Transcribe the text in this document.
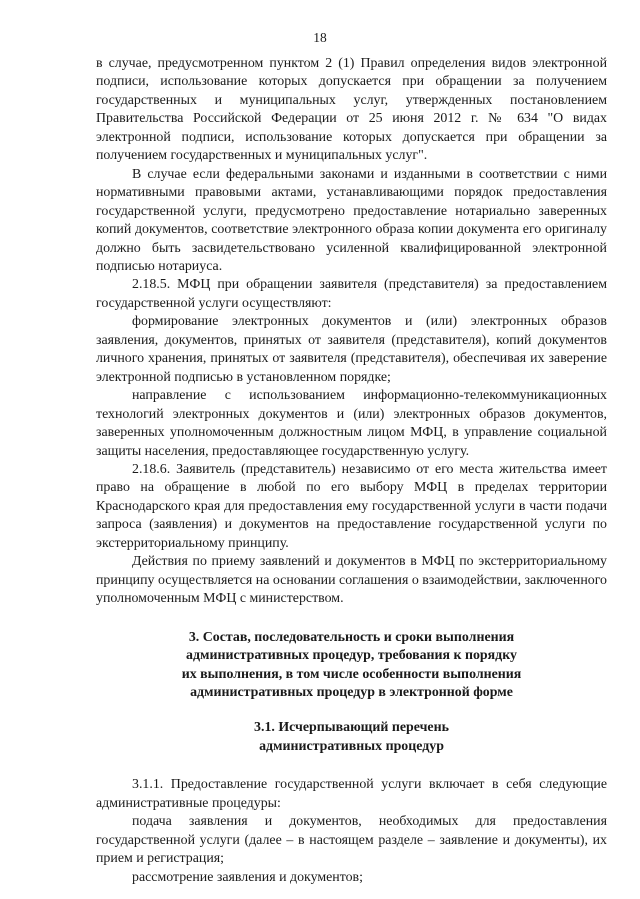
18

в случае, предусмотренном пунктом 2 (1) Правил определения видов электронной подписи, использование которых допускается при обращении за получением государственных и муниципальных услуг, утвержденных постановлением Правительства Российской Федерации от 25 июня 2012 г. № 634 "О видах электронной подписи, использование которых допускается при обращении за получением государственных и муниципальных услуг".

В случае если федеральными законами и изданными в соответствии с ними нормативными правовыми актами, устанавливающими порядок предоставления государственной услуги, предусмотрено предоставление нотариально заверенных копий документов, соответствие электронного образа копии документа его оригиналу должно быть засвидетельствовано усиленной квалифицированной электронной подписью нотариуса.

2.18.5. МФЦ при обращении заявителя (представителя) за предоставлением государственной услуги осуществляют:

формирование электронных документов и (или) электронных образов заявления, документов, принятых от заявителя (представителя), копий документов личного хранения, принятых от заявителя (представителя), обеспечивая их заверение электронной подписью в установленном порядке;

направление с использованием информационно-телекоммуникационных технологий электронных документов и (или) электронных образов документов, заверенных уполномоченным должностным лицом МФЦ, в управление социальной защиты населения, предоставляющее государственную услугу.

2.18.6. Заявитель (представитель) независимо от его места жительства имеет право на обращение в любой по его выбору МФЦ в пределах территории Краснодарского края для предоставления ему государственной услуги в части подачи запроса (заявления) и документов на предоставление государственной услуги по экстерриториальному принципу.

Действия по приему заявлений и документов в МФЦ по экстерриториальному принципу осуществляется на основании соглашения о взаимодействии, заключенного уполномоченным МФЦ с министерством.

3. Состав, последовательность и сроки выполнения
административных процедур, требования к порядку
их выполнения, в том числе особенности выполнения
административных процедур в электронной форме
3.1. Исчерпывающий перечень
административных процедур

3.1.1. Предоставление государственной услуги включает в себя следующие административные процедуры:

подача заявления и документов, необходимых для предоставления государственной услуги (далее – в настоящем разделе – заявление и документы), их прием и регистрация;

рассмотрение заявления и документов;
